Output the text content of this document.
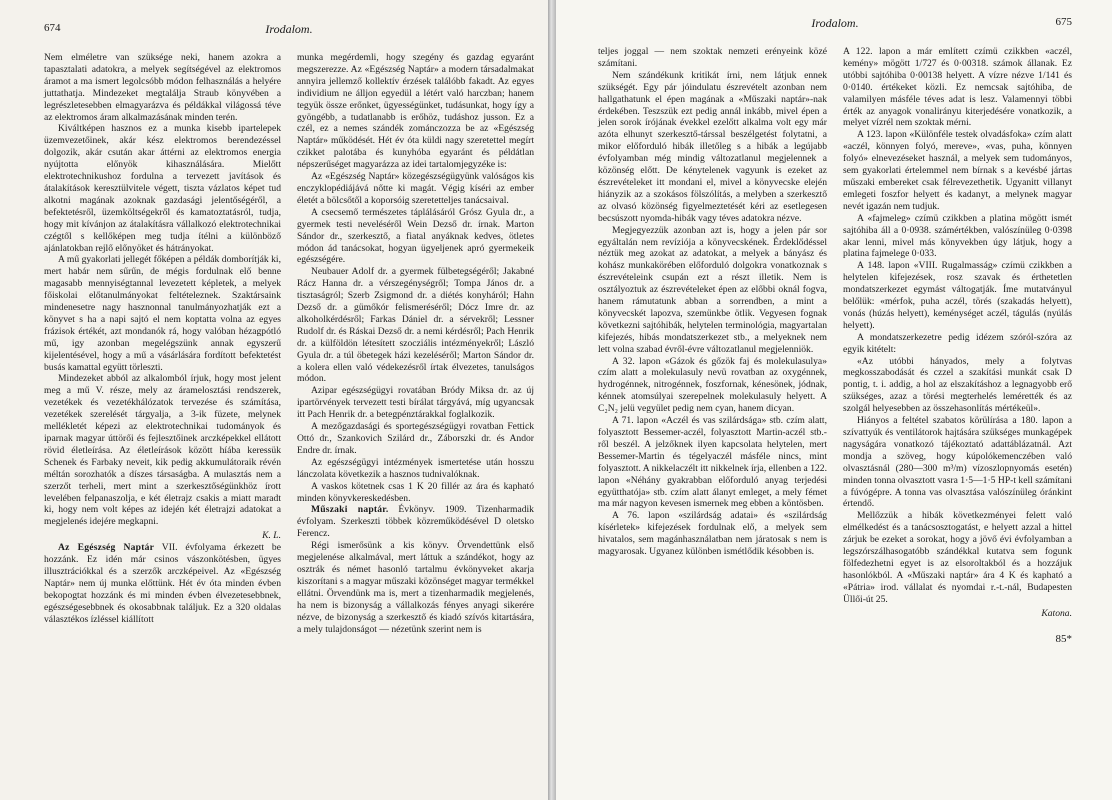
674	Irodalom.

Nem elméletre van szüksége neki, hanem azokra a tapasztalati adatokra, a melyek segítségével az elektromos áramot a ma ismert legolcsóbb módon felhasználás a helyére juttathatja. Mindezeket megtalálja Straub könyvében a legrészletesebben elmagyarázva és példákkal világossá téve az elektromos áram alkalmazásának minden terén.

Kiváltképen hasznos ez a munka kisebb ipartelepek üzemvezetőinek, akár kész elektromos berendezéssel dolgozik, akár csután akar áttérni az elektromos energia nyújtotta előnyök kihasználására. Mielőtt elektrotechnikushoz fordulna a tervezett javítások és átalakítások keresztülvitele végett, tiszta vázlatos képet tud alkotni magának azoknak gazdasági jelentőségéről, a befektetésről, üzemköltségekről és kamatoztatásról, tudja, hogy mit kívánjon az átalakításra vállalkozó elektrotechnikai czégtől s kellőképen meg tudja ítélni a különböző ajánlatokban rejlő előnyöket és hátrányokat.

A mű gyakorlati jellegét főképen a példák domborítják ki, mert habár nem sűrűn, de mégis fordulnak elő benne magasabb mennyiségtannal levezetett képletek, a melyek főiskolai előtanulmányokat feltételeznek. Szaktársaink mindenesetre nagy hasznonnal tanulmányozhatják ezt a könyvet s ha a napi sajtó el nem koptatta volna az egyes frázisok értékét, azt mondanók rá, hogy valóban hézagpótló mű, igy azonban megelégszünk annak egyszerű kijelentésével, hogy a mű a vásárlására fordított befektetést busás kamattal együtt törleszti.

Mindezeket abból az alkalomból írjuk, hogy most jelent meg a mű V. része, mely az áramelosztási rendszerek, vezetékek és vezetékhálózatok tervezése és számítása, vezetékek szerelését tárgyalja, a 3-ik füzete, melynek mellékletét képezi az elektrotechnikai tudományok és iparnak magyar úttörői és fejlesztőinek arczképekkel ellátott rövid életleírása. Az életleírások között híába keressük Schenek és Farbaky neveit, kik pedig akkumulátoraik révén méltán sorozhatók a díszes társaságba. A mulasztás nem a szerzőt terheli, mert mint a szerkesztőségünkhöz írott levelében felpanaszolja, e két életrajz csakis a miatt maradt ki, hogy nem volt képes az idején két életrajzi adatokat a megjelenés idejére megkapni.

K. L.

Az Egészség Naptár VII. évfolyama érkezett be hozzánk. Ez idén már csinos vászonkötésben, ügyes illusztrációkkal és a szerzők arczképeivel. Az «Egészség Naptár» nem új munka előttünk. Hét év óta minden évben bekopogtat hozzánk és mi minden évben élvezetesebbnek, egészségesebbnek és okosabbnak találjuk. Ez a 320 oldalas választékos ízléssel kiállított

munka megérdemli, hogy szegény és gazdag egyaránt megszerezze. Az «Egészség Naptár» a modern társadalmakat annyira jellemző kollektív érzések találóbb fakadt. Az egyes individium ne álljon egyedül a létért való harczban; hanem tegyük össze erőnket, ügyességünket, tudásunkat, hogy így a gyöngébb, a tudatlanabb is erőhöz, tudáshoz jusson. Ez a czél, ez a nemes szándék zománczozza be az «Egészség Naptár» működését. Hét év óta küldi nagy szeretettel megírt czikket palotába és kunyhóba egyaránt és példátlan népszerűséget magyarázza az idei tartalomjegyzéke is:

Az «Egészség Naptár» közegészségügyünk valóságos kis enczyklopédiájává nőtte ki magát. Végig kíséri az ember életét a bölcsőtől a koporsóig szeretetteljes tanácsaival.

A csecsemő természetes táplálásáról Grósz Gyula dr., a gyermek testi neveléséről Wein Dezső dr. írnak. Marton Sándor dr., szerkesztő, a fiatal anyáknak kedves, ötletes módon ád tanácsokat, hogyan ügyeljenek apró gyermekeik egészségére.

Neubauer Adolf dr. a gyermek fülbetegségéről; Jakabné Rácz Hanna dr. a vérszegénységről; Tompa János dr. a tisztaságról; Szerb Zsigmond dr. a diétés konyháról; Hahn Dezső dr. a gümőkór felismeréséről; Dócz Imre dr. az alkoholkérdésről; Farkas Dániel dr. a sérvekről; Lessner Rudolf dr. és Ráskai Dezső dr. a nemi kérdésről; Pach Henrik dr. a külföldön létesített szocziális intézményekről; László Gyula dr. a túl öbetegek házi kezeléséről; Marton Sándor dr. a kolera ellen való védekezésről írtak élvezetes, tanulságos módon.

Azipar egészségügyi rovatában Bródy Miksa dr. az új ipartörvények tervezett testi bírálat tárgyává, míg ugyancsak itt Pach Henrik dr. a betegpénztárakkal foglalkozik.

A mezőgazdasági és sportegészségügyi rovatban Fettick Ottó dr., Szankovich Szilárd dr., Záborszki dr. és Andor Endre dr. írnak.

Az egészségügyi intézmények ismertetése után hosszu lánczolata következik a hasznos tudnivalóknak.

A vaskos kötetnek csas 1 K 20 fillér az ára és kapható minden könyvkereskedésben.

Műszaki naptár. Évkönyv. 1909. Tizenharmadik évfolyam. Szerkeszti többek közreműködésével D oletsko Ferencz.

Régi ismerősünk a kis könyv. Örvendettünk első megjelenése alkalmával, mert láttuk a szándékot, hogy az osztrák és német hasonló tartalmu évkönyveket akarja kiszorítani s a magyar műszaki közönséget magyar termékkel ellátni. Örvendünk ma is, mert a tizenharmadik megjelenés, ha nem is bizonyság a vállalkozás fényes anyagi sikerére nézve, de bizonyság a szerkesztő és kiadó szívós kitartására, a mely tulajdonságot — nézetünk szerint nem is

Irodalom.	675

teljes joggal — nem szoktak nemzeti erényeink közé számítani.

Nem szándékunk kritikát írni, nem látjuk ennek szükségét. Egy pár jóindulatu észrevételt azonban nem hallgathatunk el épen magának a «Műszaki naptár»-nak érdekében. Teszszük ezt pedig annál inkább, mivel épen a jelen sorok írójának évekkel ezelőtt alkalma volt egy már azóta elhunyt szerkesztő-társsal beszélgetést folytatni, a mikor előforduló hibák illetőleg s a hibák a legújabb évfolyamban még mindig változatlanul megjelennek a közönség előtt. De kénytelenek vagyunk is ezeket az észrevételeket itt mondani el, mivel a könyvecske elején hiányzik az a szokásos fölszólítás, a melyben a szerkesztő az olvasó közönség figyelmeztetését kéri az esetlegesen becsúszott nyomda-hibák vagy téves adatokra nézve.

Megjegyezzük azonban azt is, hogy a jelen pár sor egyáltalán nem revíziója a könyvecskének. Érdeklődéssel néztük meg azokat az adatokat, a melyek a bányász és kohász munkakörében előforduló dolgokra vonatkoznak s észrevételeink csupán ezt a részt illetik. Nem is osztályoztuk az észrevételeket épen az előbbi oknál fogva, hanem rámutatunk abban a sorrendben, a mint a könyvecskét lapozva, szemünkbe ötlik. Vegyesen fognak következni sajtóhibák, helytelen terminológia, magyartalan kifejezés, hibás mondatszerkezet stb., a melyeknek nem lett volna szabad évről-évre változatlanul megjelenniök.

A 32. lapon «Gázok és gőzök faj és molekulasulya» czím alatt a molekulasuly nevü rovatban az oxygénnek, hydrogénnek, nitrogénnek, foszfornak, kénesönek, jódnak, kénnek atomsúlyai szerepelnek molekulasuly helyett. A C₂N₂ jelü vegyület pedig nem cyan, hanem dicyan.

A 71. lapon «Aczél és vas szilárdsága» stb. czím alatt, folyasztott Bessemer-aczél, folyasztott Martin-aczél stb.-ről beszél. A jelzőknek ilyen kapcsolata helytelen, mert Bessemer-Martin és tégelyaczél másféle nincs, mint folyasztott. A nikkelaczélt itt nikkelnek írja, ellenben a 122. lapon «Néhány gyakrabban előforduló anyag terjedési együtthatója» stb. czím alatt álanyt emleget, a mely fémet ma már nagyon kevesen ismernek meg ebben a köntösben.

A 76. lapon «szilárdság adatai» és «szilárdság kísérletek» kifejezések fordulnak elő, a melyek sem hivatalos, sem magánhasználatban nem járatosak s nem is magyarosak. Ugyanez különben ismétlődik késobben is.

A 122. lapon a már említett czímü czikkben «aczél, kemény» mögött 1/727 és 0·00318. számok állanak. Ez utóbbi sajtóhiba 0·00138 helyett. A vízre nézve 1/141 és 0·0140. értékeket közli. Ez nemcsak sajtóhiba, de valamilyen másféle téves adat is lesz. Valamennyi többi érték az anyagok vonalirányu kiterjedésére vonatkozik, a melyet vízrél nem szoktak mérni.

A 123. lapon «Különféle testek olvadásfoka» czím alatt «aczél, könnyen folyó, mereve», «vas, puha, könnyen folyó» elnevezéseket használ, a melyek sem tudományos, sem gyakorlati értelemmel nem bírnak s a kevésbé jártas műszaki embereket csak félrevezethetik. Ugyanitt villanyt emlegeti foszfor helyett és kadanyt, a melynek magyar nevét igazán nem tudjuk.

A «fajmeleg» czímü czikkben a platina mögött ismét sajtóhiba áll a 0·0938. számértékben, valószínüleg 0·0398 akar lenni, mivel más könyvekben úgy látjuk, hogy a platina fajmelege 0·033.

A 148. lapon «VIII. Rugalmasság» czímü czikkben a helytelen kifejezések, rosz szavak és érthetetlen mondatszerkezet egymást váltogatják. Íme mutatványul belőlük: «mérfok, puha aczél, törés (szakadás helyett), vonás (húzás helyett), keménységet aczél, tágulás (nyúlás helyett).

A mondatszerkezetre pedig idézem szóról-szóra az egyik kitételt:

«Az utóbbi hányados, mely a folytvas megkosszabodását és czzel a szakítási munkát csak D pontig, t. i. addig, a hol az elszakításhoz a legnagyobb erő szükséges, azaz a törési megterhelés lemérették és az szolgál helyesebben az összehasonlítás mértékeül».

Hiányos a feltétel szabatos körülírása a 180. lapon a szívattyúk és ventilátorok hajtására szükséges munkagépek nagyságára vonatkozó tájékoztató adattáblázatnál. Azt mondja a szöveg, hogy kúpolókemenczében való olvasztásnál (280—300 m³/m) vízoszlopnyomás esetén) minden tonna olvasztott vasra 1·5—1·5 HP-t kell számítani a fúvógépre. A tonna vas olvasztása valószínüleg óránkint értendő.

Mellőzzük a hibák következményei felett való elmélkedést és a tanácsosztogatást, e helyett azzal a hittel zárjuk be ezeket a sorokat, hogy a jövő évi évfolyamban a legszórszálhasogatóbb szándékkal kutatva sem fogunk fölfedezhetni egyet is az elsoroltakból és a hozzájuk hasonlókból. A «Műszaki naptár» ára 4 K és kapható a «Pátria» irod. vállalat és nyomdai r.-t.-nál, Budapesten Üllői-út 25.

Katona.
85*
